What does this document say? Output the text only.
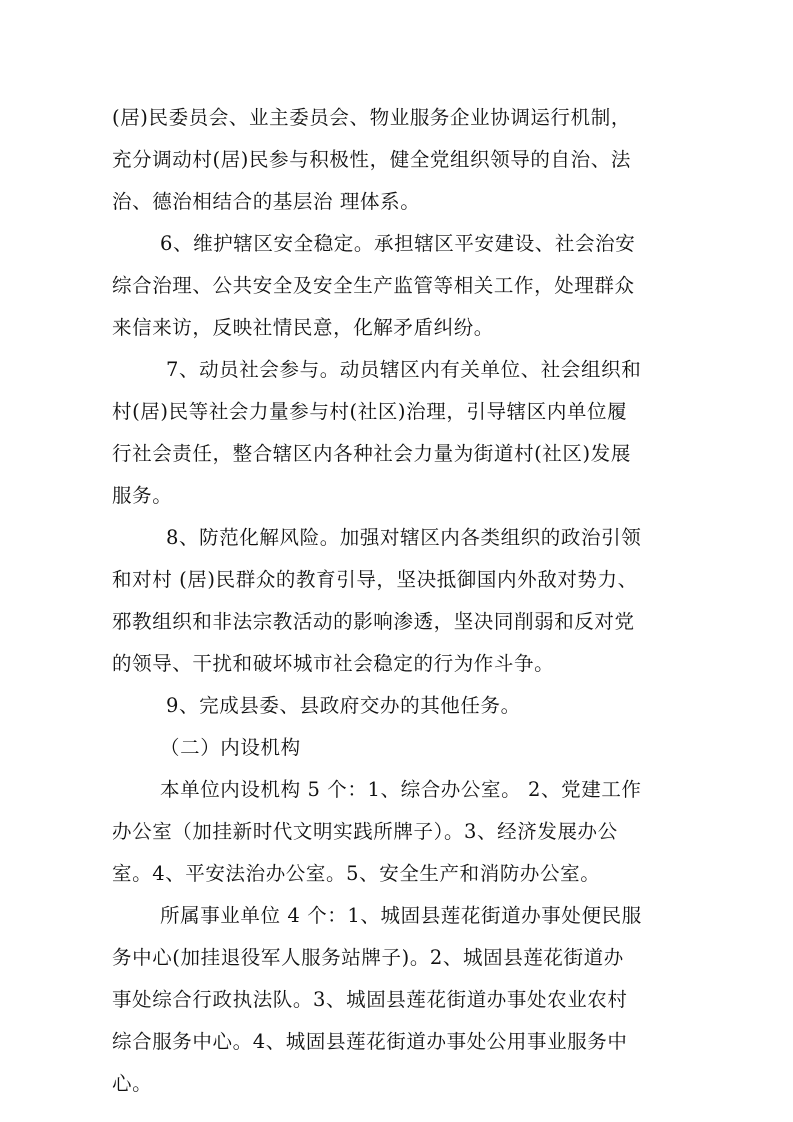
(居)民委员会、业主委员会、物业服务企业协调运行机制，
充分调动村(居)民参与积极性，健全党组织领导的自治、法
治、德治相结合的基层治 理体系。
6、维护辖区安全稳定。承担辖区平安建设、社会治安
综合治理、公共安全及安全生产监管等相关工作，处理群众
来信来访，反映社情民意，化解矛盾纠纷。
7、动员社会参与。动员辖区内有关单位、社会组织和
村(居)民等社会力量参与村(社区)治理，引导辖区内单位履
行社会责任，整合辖区内各种社会力量为街道村(社区)发展
服务。
8、防范化解风险。加强对辖区内各类组织的政治引领
和对村 (居)民群众的教育引导，坚决抵御国内外敌对势力、
邪教组织和非法宗教活动的影响渗透，坚决同削弱和反对党
的领导、干扰和破坏城市社会稳定的行为作斗争。
9、完成县委、县政府交办的其他任务。
（二）内设机构
本单位内设机构 5 个：1、综合办公室。 2、党建工作
办公室（加挂新时代文明实践所牌子）。3、经济发展办公
室。4、平安法治办公室。5、安全生产和消防办公室。
所属事业单位 4 个：1、城固县莲花街道办事处便民服
务中心(加挂退役军人服务站牌子)。2、城固县莲花街道办
事处综合行政执法队。3、城固县莲花街道办事处农业农村
综合服务中心。4、城固县莲花街道办事处公用事业服务中
心。
